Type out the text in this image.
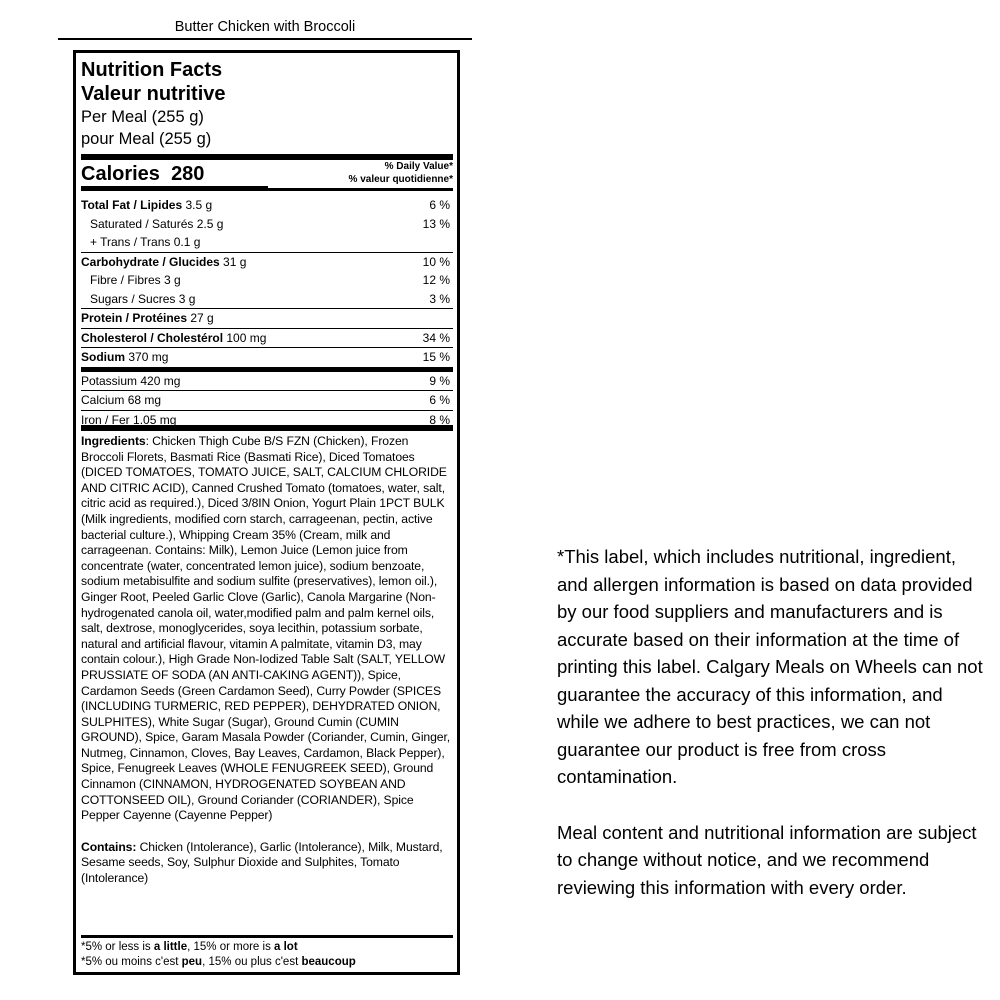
Butter Chicken with Broccoli
Nutrition Facts
Valeur nutritive
Per Meal (255 g)
pour Meal (255 g)
Calories 280	% Daily Value*
% valeur quotidienne*
Total Fat / Lipides 3.5 g	6 %
Saturated / Saturés 2.5 g	13 %
+ Trans / Trans 0.1 g
Carbohydrate / Glucides 31 g	10 %
Fibre / Fibres 3 g	12 %
Sugars / Sucres 3 g	3 %
Protein / Protéines 27 g
Cholesterol / Cholestérol 100 mg	34 %
Sodium 370 mg	15 %
Potassium 420 mg	9 %
Calcium 68 mg	6 %
Iron / Fer 1.05 mg	8 %
Ingredients: Chicken Thigh Cube B/S FZN (Chicken), Frozen Broccoli Florets, Basmati Rice (Basmati Rice), Diced Tomatoes (DICED TOMATOES, TOMATO JUICE, SALT, CALCIUM CHLORIDE AND CITRIC ACID), Canned Crushed Tomato (tomatoes, water, salt, citric acid as required.), Diced 3/8IN Onion, Yogurt Plain 1PCT BULK (Milk ingredients, modified corn starch, carrageenan, pectin, active bacterial culture.), Whipping Cream 35% (Cream, milk and carrageenan. Contains: Milk), Lemon Juice (Lemon juice from concentrate (water, concentrated lemon juice), sodium benzoate, sodium metabisulfite and sodium sulfite (preservatives), lemon oil.), Ginger Root, Peeled Garlic Clove (Garlic), Canola Margarine (Non-hydrogenated canola oil, water,modified palm and palm kernel oils, salt, dextrose, monoglycerides, soya lecithin, potassium sorbate, natural and artificial flavour, vitamin A palmitate, vitamin D3, may contain colour.), High Grade Non-Iodized Table Salt (SALT, YELLOW PRUSSIATE OF SODA (AN ANTI-CAKING AGENT)), Spice, Cardamon Seeds (Green Cardamon Seed), Curry Powder (SPICES (INCLUDING TURMERIC, RED PEPPER), DEHYDRATED ONION, SULPHITES), White Sugar (Sugar), Ground Cumin (CUMIN GROUND), Spice, Garam Masala Powder (Coriander, Cumin, Ginger, Nutmeg, Cinnamon, Cloves, Bay Leaves, Cardamon, Black Pepper), Spice, Fenugreek Leaves (WHOLE FENUGREEK SEED), Ground Cinnamon (CINNAMON, HYDROGENATED SOYBEAN AND COTTONSEED OIL), Ground Coriander (CORIANDER), Spice Pepper Cayenne (Cayenne Pepper)
Contains: Chicken (Intolerance), Garlic (Intolerance), Milk, Mustard, Sesame seeds, Soy, Sulphur Dioxide and Sulphites, Tomato (Intolerance)
*5% or less is a little, 15% or more is a lot
*5% ou moins c'est peu, 15% ou plus c'est beaucoup

*This label, which includes nutritional, ingredient, and allergen information is based on data provided by our food suppliers and manufacturers and is accurate based on their information at the time of printing this label. Calgary Meals on Wheels can not guarantee the accuracy of this information, and while we adhere to best practices, we can not guarantee our product is free from cross contamination.

Meal content and nutritional information are subject to change without notice, and we recommend reviewing this information with every order.
